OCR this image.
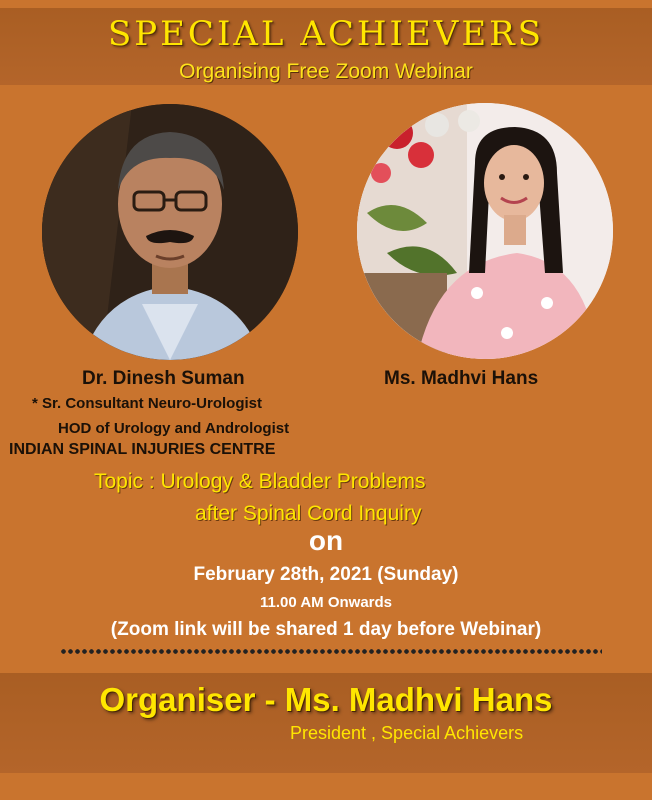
SPECIAL ACHIEVERS
Organising Free Zoom Webinar
Dr. Dinesh Suman
* Sr. Consultant Neuro-Urologist
HOD of Urology and Andrologist
INDIAN SPINAL INJURIES CENTRE
Ms. Madhvi Hans
Topic : Urology & Bladder Problems
after Spinal Cord Inquiry
on
February 28th, 2021 (Sunday)
11.00 AM Onwards
(Zoom link will be shared 1 day before Webinar)
Organiser - Ms. Madhvi Hans
President , Special Achievers
